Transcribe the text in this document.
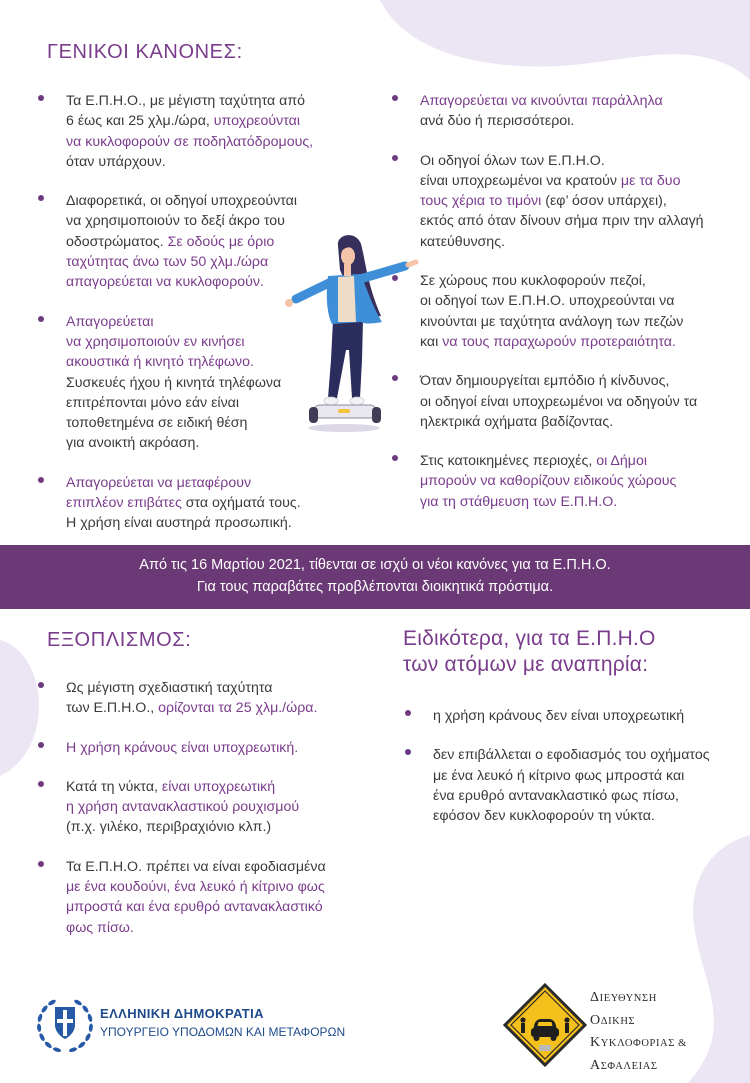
ΓΕΝΙΚΟΙ ΚΑΝΟΝΕΣ:
Τα Ε.Π.Η.Ο., με μέγιστη ταχύτητα από
6 έως και 25 χλμ./ώρα, υποχρεούνται
να κυκλοφορούν σε ποδηλατόδρομους,
όταν υπάρχουν.
Διαφορετικά, οι οδηγοί υποχρεούνται
να χρησιμοποιούν το δεξί άκρο του
οδοστρώματος. Σε οδούς με όριο
ταχύτητας άνω των 50 χλμ./ώρα
απαγορεύεται να κυκλοφορούν.
Απαγορεύεται
να χρησιμοποιούν εν κινήσει
ακουστικά ή κινητό τηλέφωνο.
Συσκευές ήχου ή κινητά τηλέφωνα
επιτρέπονται μόνο εάν είναι
τοποθετημένα σε ειδική θέση
για ανοικτή ακρόαση.
Απαγορεύεται να μεταφέρουν
επιπλέον επιβάτες στα οχήματά τους.
Η χρήση είναι αυστηρά προσωπική.
Απαγορεύεται να κινούνται παράλληλα
ανά δύο ή περισσότεροι.
Οι οδηγοί όλων των Ε.Π.Η.Ο.
είναι υποχρεωμένοι να κρατούν με τα δυο
τους χέρια το τιμόνι (εφ’ όσον υπάρχει),
εκτός από όταν δίνουν σήμα πριν την αλλαγή
κατεύθυνσης.
Σε χώρους που κυκλοφορούν πεζοί,
οι οδηγοί των Ε.Π.Η.Ο. υποχρεούνται να
κινούνται με ταχύτητα ανάλογη των πεζών
και να τους παραχωρούν προτεραιότητα.
Όταν δημιουργείται εμπόδιο ή κίνδυνος,
οι οδηγοί είναι υποχρεωμένοι να οδηγούν τα
ηλεκτρικά οχήματα βαδίζοντας.
Στις κατοικημένες περιοχές, οι Δήμοι
μπορούν να καθορίζουν ειδικούς χώρους
για τη στάθμευση των Ε.Π.Η.Ο.
Από τις 16 Μαρτίου 2021, τίθενται σε ισχύ οι νέοι κανόνες για τα Ε.Π.Η.Ο.
Για τους παραβάτες προβλέπονται διοικητικά πρόστιμα.
ΕΞΟΠΛΙΣΜΟΣ:
Ως μέγιστη σχεδιαστική ταχύτητα
των Ε.Π.Η.Ο., ορίζονται τα 25 χλμ./ώρα.
Η χρήση κράνους είναι υποχρεωτική.
Κατά τη νύκτα, είναι υποχρεωτική
η χρήση αντανακλαστικού ρουχισμού
(π.χ. γιλέκο, περιβραχιόνιο κλπ.)
Τα Ε.Π.Η.Ο. πρέπει να είναι εφοδιασμένα
με ένα κουδούνι, ένα λευκό ή κίτρινο φως
μπροστά και ένα ερυθρό αντανακλαστικό
φως πίσω.
Ειδικότερα, για τα Ε.Π.Η.Ο
των ατόμων με αναπηρία:
η χρήση κράνους δεν είναι υποχρεωτική
δεν επιβάλλεται ο εφοδιασμός του οχήματος
με ένα λευκό ή κίτρινο φως μπροστά και
ένα ερυθρό αντανακλαστικό φως πίσω,
εφόσον δεν κυκλοφορούν τη νύκτα.
ΕΛΛΗΝΙΚΗ ΔΗΜΟΚΡΑΤΙΑ
ΥΠΟΥΡΓΕΙΟ ΥΠΟΔΟΜΩΝ ΚΑΙ ΜΕΤΑΦΟΡΩΝ
ΔΙΕΥΘΥΝΣΗ
ΟΔΙΚΗΣ
ΚΥΚΛΟΦΟΡΙΑΣ &
ΑΣΦΑΛΕΙΑΣ
